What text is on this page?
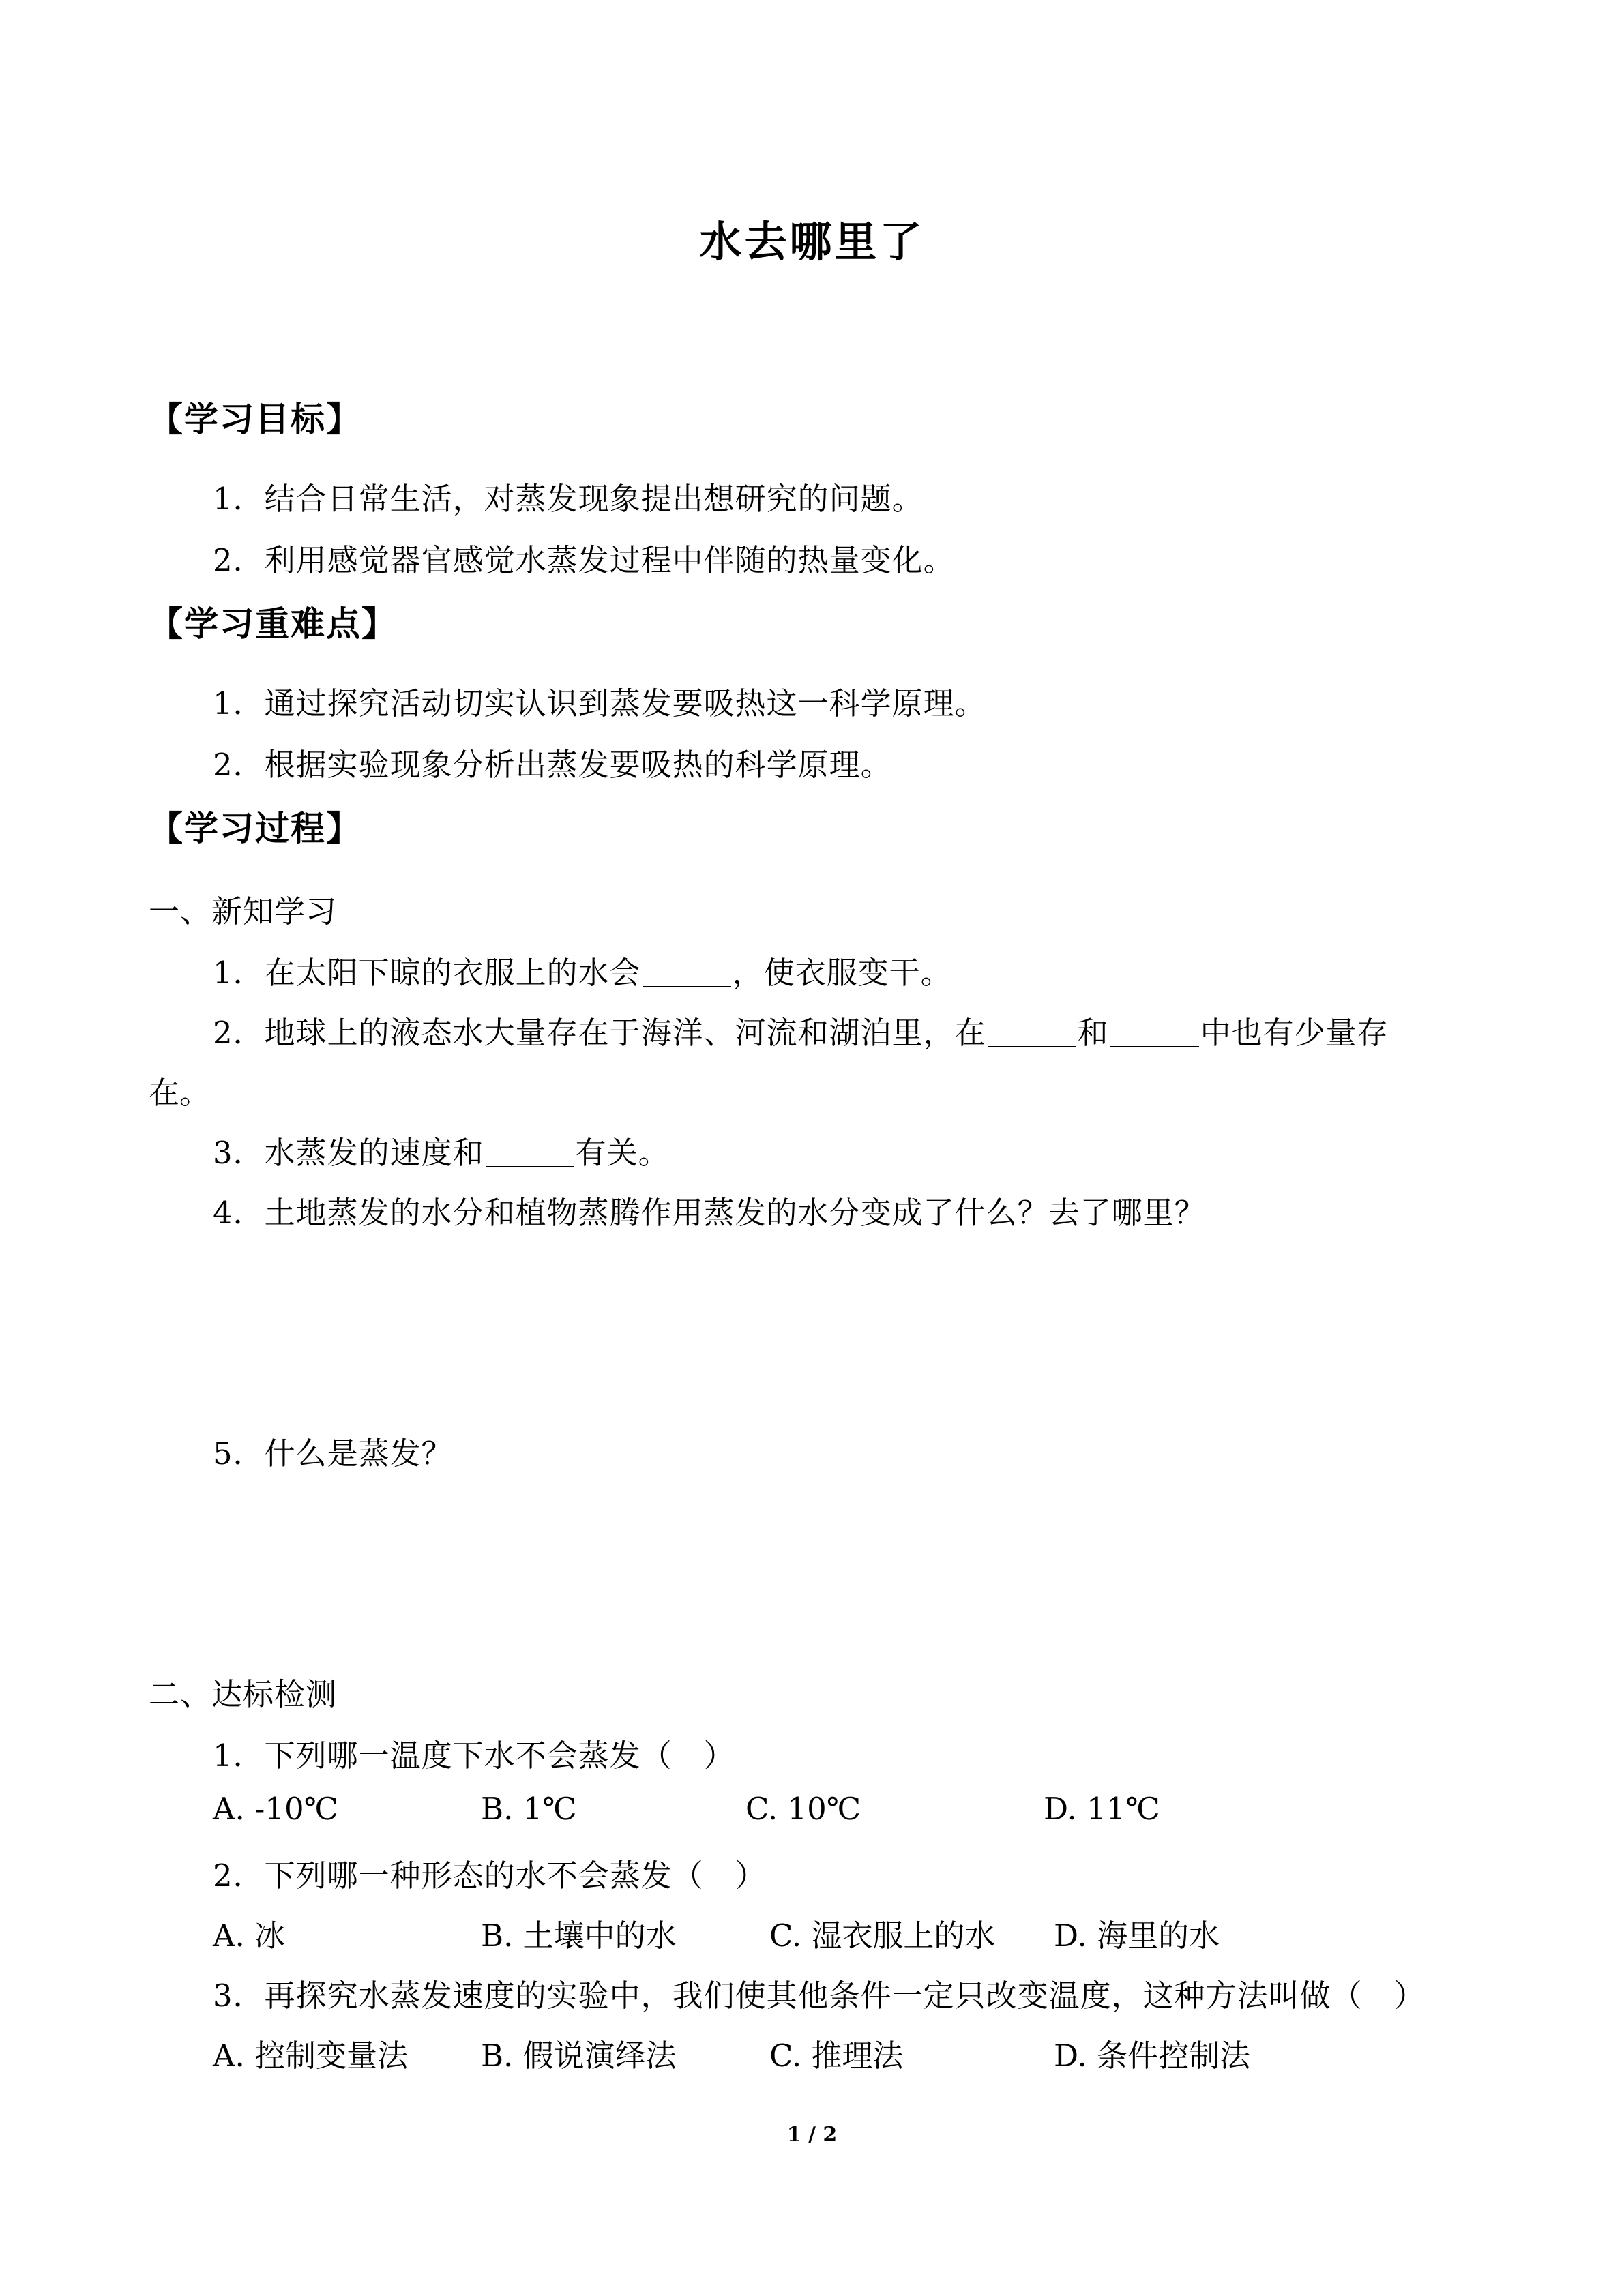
水去哪里了
【学习目标】
1．结合日常生活，对蒸发现象提出想研究的问题。
2．利用感觉器官感觉水蒸发过程中伴随的热量变化。
【学习重难点】
1．通过探究活动切实认识到蒸发要吸热这一科学原理。
2．根据实验现象分析出蒸发要吸热的科学原理。
【学习过程】
一、新知学习
1．在太阳下晾的衣服上的水会	，使衣服变干。
2．地球上的液态水大量存在于海洋、河流和湖泊里，在	和	中也有少量存
在。
3．水蒸发的速度和	有关。
4．土地蒸发的水分和植物蒸腾作用蒸发的水分变成了什么？去了哪里？
5．什么是蒸发？
二、达标检测
1．下列哪一温度下水不会蒸发（　）
A. -10℃	B. 1℃	C. 10℃	D. 11℃
2．下列哪一种形态的水不会蒸发（　）
A. 冰	B. 土壤中的水	C. 湿衣服上的水 D. 海里的水
3．再探究水蒸发速度的实验中，我们使其他条件一定只改变温度，这种方法叫做（　）
A. 控制变量法 B. 假说演绎法	C. 推理法	D. 条件控制法
1 / 2
